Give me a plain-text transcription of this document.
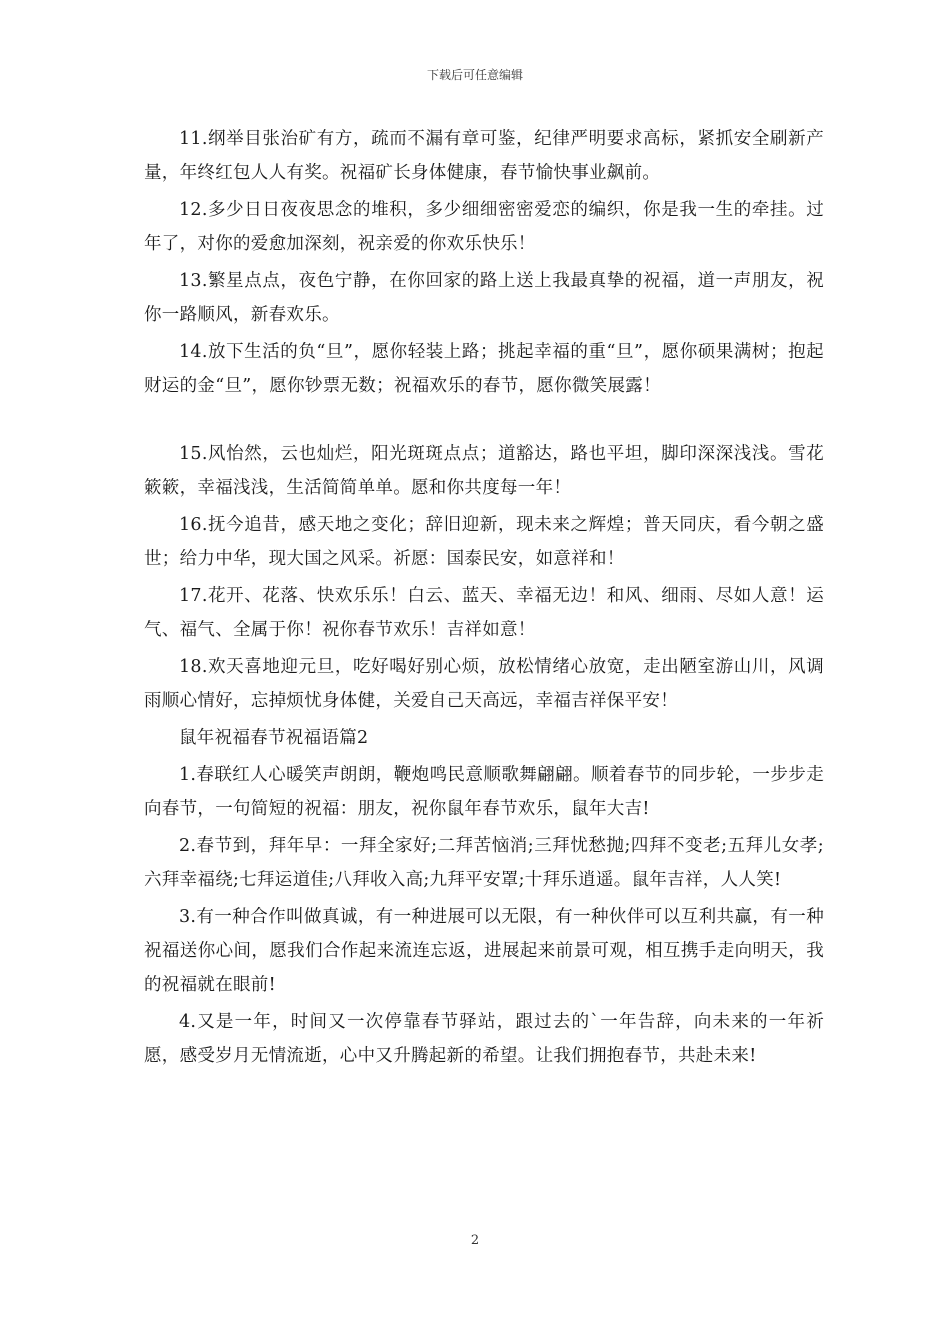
下载后可任意编辑

11.纲举目张治矿有方，疏而不漏有章可鉴，纪律严明要求高标，紧抓安全刷新产量，年终红包人人有奖。祝福矿长身体健康，春节愉快事业飙前。

12.多少日日夜夜思念的堆积，多少细细密密爱恋的编织，你是我一生的牵挂。过年了，对你的爱愈加深刻，祝亲爱的你欢乐快乐！

13.繁星点点，夜色宁静，在你回家的路上送上我最真挚的祝福，道一声朋友，祝你一路顺风，新春欢乐。

14.放下生活的负“旦”，愿你轻装上路；挑起幸福的重“旦”，愿你硕果满树；抱起财运的金“旦”，愿你钞票无数；祝福欢乐的春节，愿你微笑展露！

15.风怡然，云也灿烂，阳光斑斑点点；道豁达，路也平坦，脚印深深浅浅。雪花簌簌，幸福浅浅，生活简简单单。愿和你共度每一年！

16.抚今追昔，感天地之变化；辞旧迎新，现未来之辉煌；普天同庆，看今朝之盛世；给力中华，现大国之风采。祈愿：国泰民安，如意祥和！

17.花开、花落、快欢乐乐！白云、蓝天、幸福无边！和风、细雨、尽如人意！运气、福气、全属于你！祝你春节欢乐！吉祥如意！

18.欢天喜地迎元旦，吃好喝好别心烦，放松情绪心放宽，走出陋室游山川，风调雨顺心情好，忘掉烦忧身体健，关爱自己天高远，幸福吉祥保平安！

鼠年祝福春节祝福语篇2

1.春联红人心暖笑声朗朗，鞭炮鸣民意顺歌舞翩翩。顺着春节的同步轮，一步步走向春节，一句简短的祝福：朋友，祝你鼠年春节欢乐，鼠年大吉!

2.春节到，拜年早：一拜全家好;二拜苦恼消;三拜忧愁抛;四拜不变老;五拜儿女孝;六拜幸福绕;七拜运道佳;八拜收入高;九拜平安罩;十拜乐逍遥。鼠年吉祥，人人笑!

3.有一种合作叫做真诚，有一种进展可以无限，有一种伙伴可以互利共赢，有一种祝福送你心间，愿我们合作起来流连忘返，进展起来前景可观，相互携手走向明天，我的祝福就在眼前!

4.又是一年，时间又一次停靠春节驿站，跟过去的`一年告辞，向未来的一年祈愿，感受岁月无情流逝，心中又升腾起新的希望。让我们拥抱春节，共赴未来!

2
